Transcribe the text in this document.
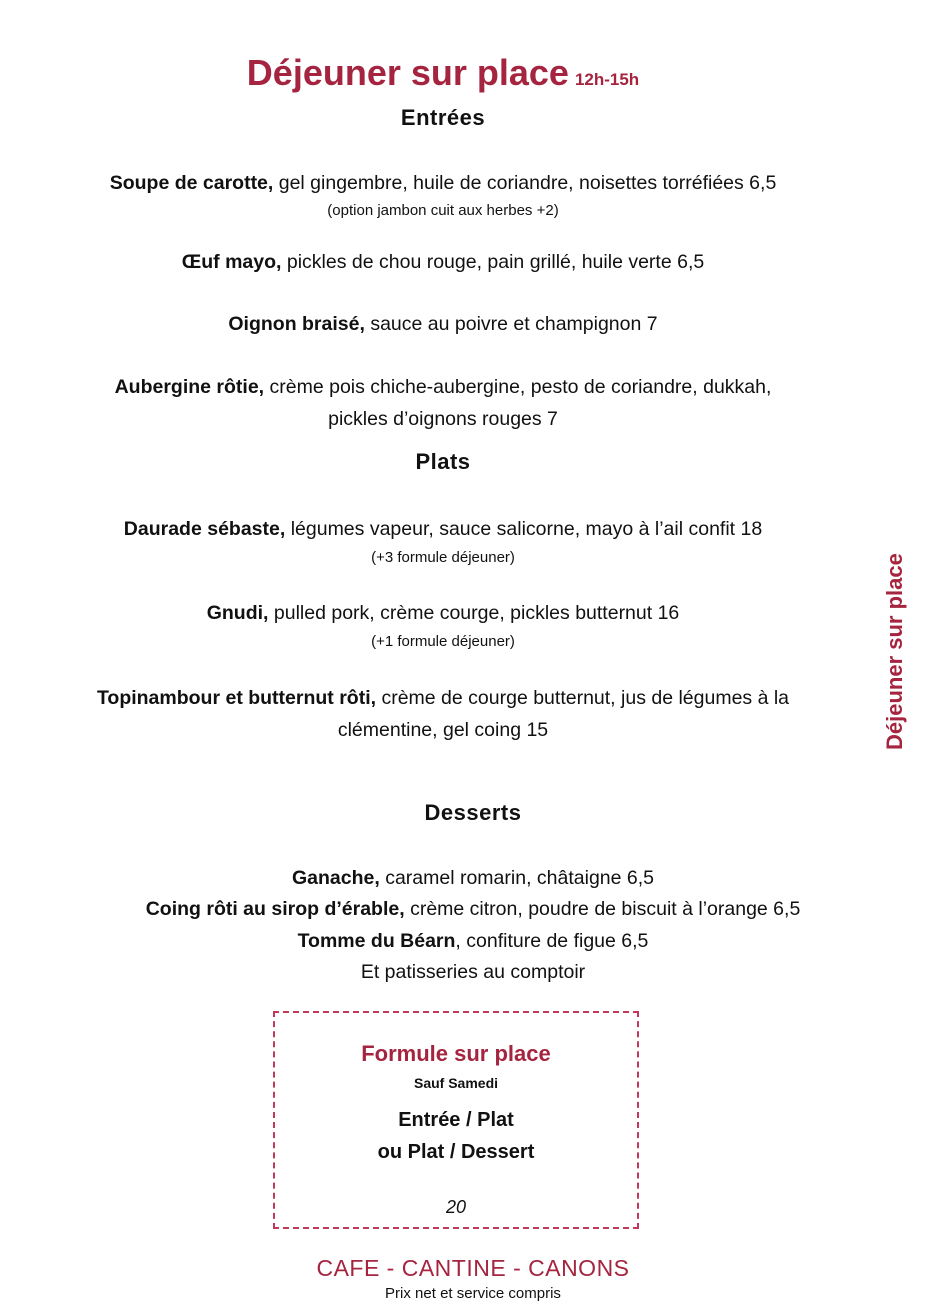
Déjeuner sur place 12h-15h
Entrées
Soupe de carotte, gel gingembre, huile de coriandre, noisettes torréfiées 6,5
(option jambon cuit aux herbes +2)
Œuf mayo, pickles de chou rouge, pain grillé, huile verte 6,5
Oignon braisé, sauce au poivre et champignon 7
Aubergine rôtie, crème pois chiche-aubergine, pesto de coriandre, dukkah,
pickles d’oignons rouges 7
Plats
Daurade sébaste, légumes vapeur, sauce salicorne, mayo à l’ail confit 18
(+3 formule déjeuner)
Gnudi, pulled pork, crème courge, pickles butternut 16
(+1 formule déjeuner)
Topinambour et butternut rôti, crème de courge butternut, jus de légumes à la
clémentine, gel coing 15
Desserts
Ganache, caramel romarin, châtaigne 6,5
Coing rôti au sirop d’érable, crème citron, poudre de biscuit à l’orange 6,5
Tomme du Béarn, confiture de figue 6,5
Et patisseries au comptoir
Formule sur place
Sauf Samedi
Entrée / Plat
ou Plat / Dessert
20
CAFE - CANTINE - CANONS
Prix net et service compris
Déjeuner sur place
